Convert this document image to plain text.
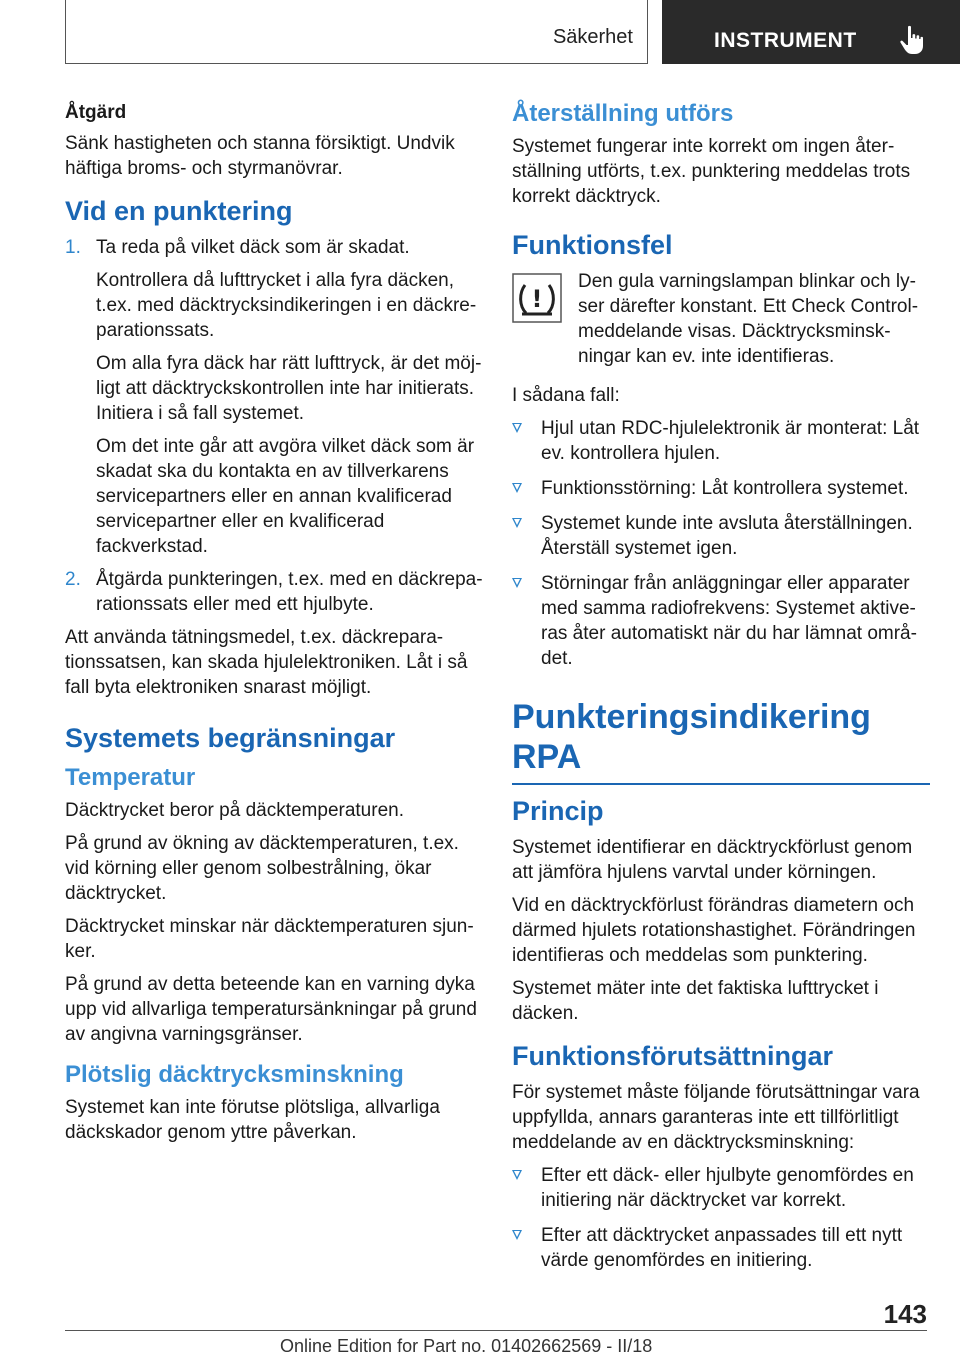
Säkerhet	INSTRUMENT
Åtgärd

Sänk hastigheten och stanna försiktigt. Undvik häftiga broms- och styrmanövrar.

Vid en punktering
1. Ta reda på vilket däck som är skadat.

Kontrollera då lufttrycket i alla fyra däcken, t.ex. med däcktrycksindikeringen i en däckreparationssats.

Om alla fyra däck har rätt lufttryck, är det möjligt att däcktryckskontrollen inte har initierats. Initiera i så fall systemet.

Om det inte går att avgöra vilket däck som är skadat ska du kontakta en av tillverkarens servicepartners eller en annan kvalificerad servicepartner eller en kvalificerad fackverkstad.

2. Åtgärda punkteringen, t.ex. med en däckreparationssats eller med ett hjulbyte.

Att använda tätningsmedel, t.ex. däckreparationssatsen, kan skada hjulelektroniken. Låt i så fall byta elektroniken snarast möjligt.

Systemets begränsningar
Temperatur

Däcktrycket beror på däcktemperaturen.

På grund av ökning av däcktemperaturen, t.ex. vid körning eller genom solbestrålning, ökar däcktrycket.

Däcktrycket minskar när däcktemperaturen sjunker.

På grund av detta beteende kan en varning dyka upp vid allvarliga temperatursänkningar på grund av angivna varningsgränser.

Plötslig däcktrycksminskning

Systemet kan inte förutse plötsliga, allvarliga däckskador genom yttre påverkan.

Återställning utförs

Systemet fungerar inte korrekt om ingen återställning utförts, t.ex. punktering meddelas trots korrekt däcktryck.

Funktionsfel
!
Den gula varningslampan blinkar och lyser därefter konstant. Ett Check Control-meddelande visas. Däcktrycksminskningar kan ev. inte identifieras.

I sådana fall:

Hjul utan RDC-hjulelektronik är monterat: Låt ev. kontrollera hjulen.
Funktionsstörning: Låt kontrollera systemet.
Systemet kunde inte avsluta återställningen. Återställ systemet igen.
Störningar från anläggningar eller apparater med samma radiofrekvens: Systemet aktiveras åter automatiskt när du har lämnat området.
Punkteringsindikering RPA
Princip

Systemet identifierar en däcktryckförlust genom att jämföra hjulens varvtal under körningen.

Vid en däcktryckförlust förändras diametern och därmed hjulets rotationshastighet. Förändringen identifieras och meddelas som punktering.

Systemet mäter inte det faktiska lufttrycket i däcken.

Funktionsförutsättningar

För systemet måste följande förutsättningar vara uppfyllda, annars garanteras inte ett tillförlitligt meddelande av en däcktrycksminskning:

Efter ett däck- eller hjulbyte genomfördes en initiering när däcktrycket var korrekt.
Efter att däcktrycket anpassades till ett nytt värde genomfördes en initiering.
143
Online Edition for Part no. 01402662569 - II/18
